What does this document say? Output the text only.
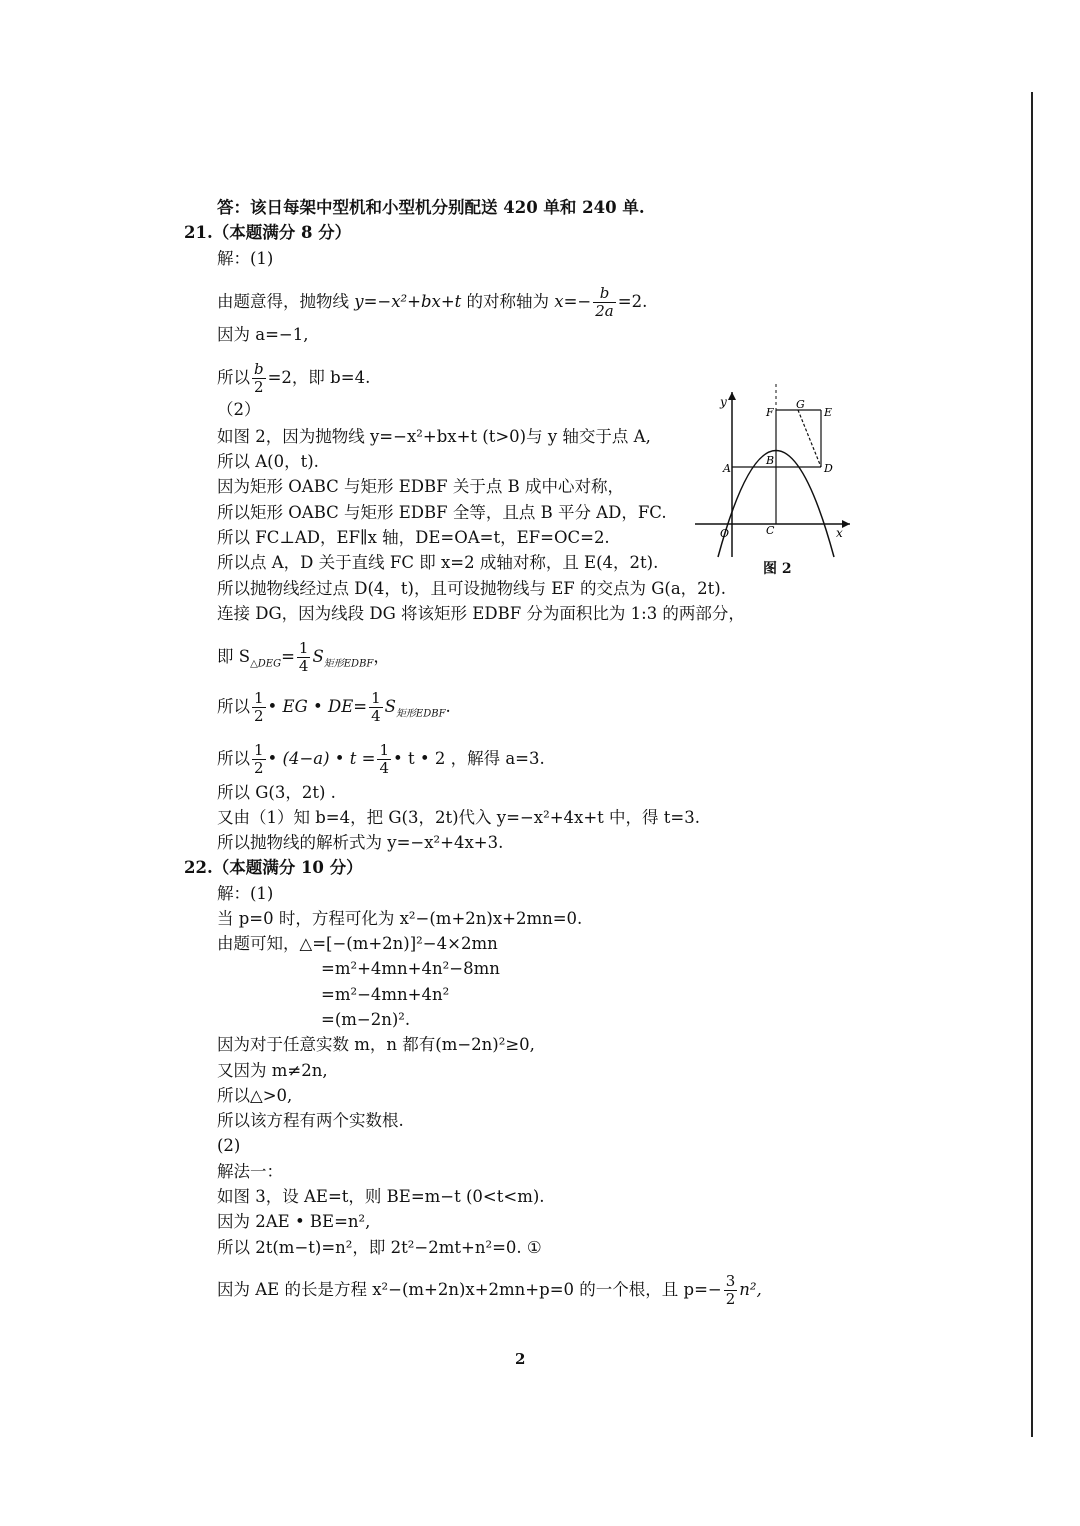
答：该日每架中型机和小型机分别配送 420 单和 240 单.
21.（本题满分 8 分）
解：(1)
由题意得，抛物线 y=−x²+bx+t 的对称轴为 $x=- \frac{b}{2a} =2$.
因为 a=−1,
所以 $\frac{b}{2} =2$，即 b=4.
（2）
如图 2，因为抛物线 y=−x²+bx+t (t>0)与 y 轴交于点 A,
所以 A(0，t).
因为矩形 OABC 与矩形 EDBF 关于点 B 成中心对称，
所以矩形 OABC 与矩形 EDBF 全等，且点 B 平分 AD，FC.
所以 FC⊥AD，EF∥x 轴，DE=OA=t，EF=OC=2.
所以点 A，D 关于直线 FC 即 x=2 成轴对称，且 E(4，2t).
所以抛物线经过点 D(4，t)，且可设抛物线与 EF 的交点为 G(a，2t).
连接 DG，因为线段 DG 将该矩形 EDBF 分为面积比为 1:3 的两部分，
即 $S_{\triangle DEG}= \frac{1}{4} S_{矩形EDBF}$，
所以 $\frac{1}{2}$ • EG • $DE= \frac{1}{4} S_{矩形EDBF}$.
所以 $\frac{1}{2}$ • (4−a) • $t = \frac{1}{4}$ • t • 2 ，解得 a=3.
所以 G(3，2t) .
又由（1）知 b=4，把 G(3，2t)代入 y=−x²+4x+t 中，得 t=3.
所以抛物线的解析式为 y=−x²+4x+3.
22.（本题满分 10 分）
解：(1)
当 p=0 时，方程可化为 x²−(m+2n)x+2mn=0.
由题可知，△=[−(m+2n)]²−4×2mn
=m²+4mn+4n²−8mn
=m²−4mn+4n²
=(m−2n)².
因为对于任意实数 m，n 都有(m−2n)²≥0,
又因为 m≠2n,
所以△>0,
所以该方程有两个实数根.
(2)
解法一：
如图 3，设 AE=t，则 BE=m−t (0<t<m).
因为 2AE • BE=n²,
所以 2t(m−t)=n²，即 2t²−2mt+n²=0. ①
因为 AE 的长是方程 x²−(m+2n)x+2mn+p=0 的一个根，且 $p=- \frac{3}{2} n^2$,
y
x
O
A
B
C
D
E
F
G
图 2
2
